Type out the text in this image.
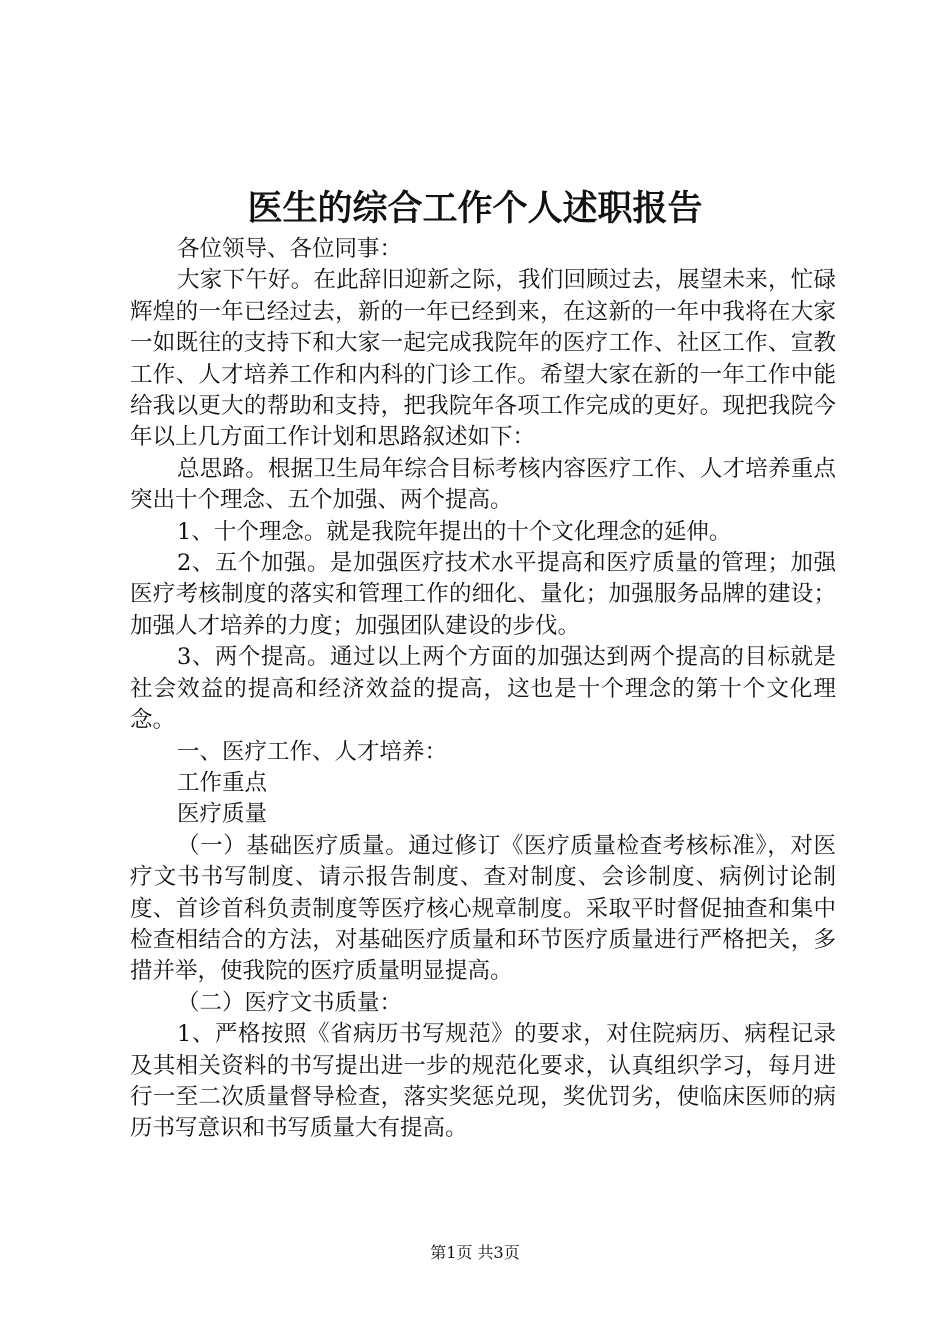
医生的综合工作个人述职报告

各位领导、各位同事：

大家下午好。在此辞旧迎新之际，我们回顾过去，展望未来，忙碌辉煌的一年已经过去，新的一年已经到来，在这新的一年中我将在大家一如既往的支持下和大家一起完成我院年的医疗工作、社区工作、宣教工作、人才培养工作和内科的门诊工作。希望大家在新的一年工作中能给我以更大的帮助和支持，把我院年各项工作完成的更好。现把我院今年以上几方面工作计划和思路叙述如下：

总思路。根据卫生局年综合目标考核内容医疗工作、人才培养重点突出十个理念、五个加强、两个提高。

1、十个理念。就是我院年提出的十个文化理念的延伸。

2、五个加强。是加强医疗技术水平提高和医疗质量的管理；加强医疗考核制度的落实和管理工作的细化、量化；加强服务品牌的建设；加强人才培养的力度；加强团队建设的步伐。

3、两个提高。通过以上两个方面的加强达到两个提高的目标就是社会效益的提高和经济效益的提高，这也是十个理念的第十个文化理念。

一、医疗工作、人才培养：

工作重点

医疗质量

（一）基础医疗质量。通过修订《医疗质量检查考核标准》，对医疗文书书写制度、请示报告制度、查对制度、会诊制度、病例讨论制度、首诊首科负责制度等医疗核心规章制度。采取平时督促抽查和集中检查相结合的方法，对基础医疗质量和环节医疗质量进行严格把关，多措并举，使我院的医疗质量明显提高。

（二）医疗文书质量：

1、严格按照《省病历书写规范》的要求，对住院病历、病程记录及其相关资料的书写提出进一步的规范化要求，认真组织学习，每月进行一至二次质量督导检查，落实奖惩兑现，奖优罚劣，使临床医师的病历书写意识和书写质量大有提高。

第1页 共3页
